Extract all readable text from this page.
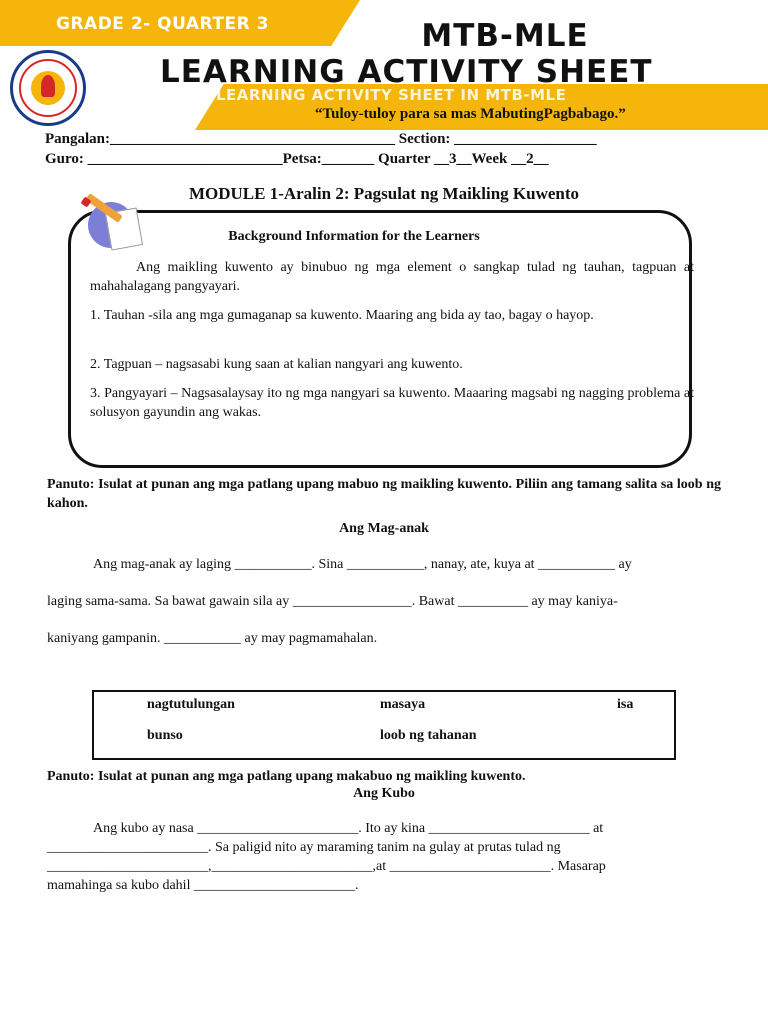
GRADE 2- QUARTER 3	MTB-MLE
LEARNING ACTIVITY SHEET
LEARNING ACTIVITY SHEET IN MTB-MLE
“Tuloy-tuloy para sa mas MabutingPagbabago.”
Pangalan:______________________________________ Section: ___________________
Guro: __________________________Petsa:_______ Quarter __3__Week __2__
MODULE 1-Aralin 2: Pagsulat ng Maikling Kuwento
Background Information for the Learners
Ang maikling kuwento ay binubuo ng mga element o sangkap tulad ng tauhan, tagpuan at mahahalagang pangyayari.
1. Tauhan -sila ang mga gumaganap sa kuwento. Maaring ang bida ay tao, bagay o hayop.
2. Tagpuan – nagsasabi kung saan at kalian nangyari ang kuwento.
3. Pangyayari – Nagsasalaysay ito ng mga nangyari sa kuwento. Maaaring magsabi ng nagging problema at solusyon gayundin ang wakas.
Panuto: Isulat at punan ang mga patlang upang mabuo ng maikling kuwento. Piliin ang tamang salita sa loob ng kahon.
Ang Mag-anak
Ang mag-anak ay laging ___________. Sina ___________, nanay, ate, kuya at ___________ ay
laging sama-sama. Sa bawat gawain sila ay _________________. Bawat __________ ay may kaniya-
kaniyang gampanin. ___________ ay may pagmamahalan.
nagtutulungan	masaya	isa
bunso	loob ng tahanan
Panuto: Isulat at punan ang mga patlang upang makabuo ng maikling kuwento.
Ang Kubo
Ang kubo ay nasa _______________________. Ito ay kina _______________________ at
_______________________. Sa paligid nito ay maraming tanim na gulay at prutas tulad ng
_______________________,_______________________,at _______________________. Masarap
mamahinga sa kubo dahil _______________________.
